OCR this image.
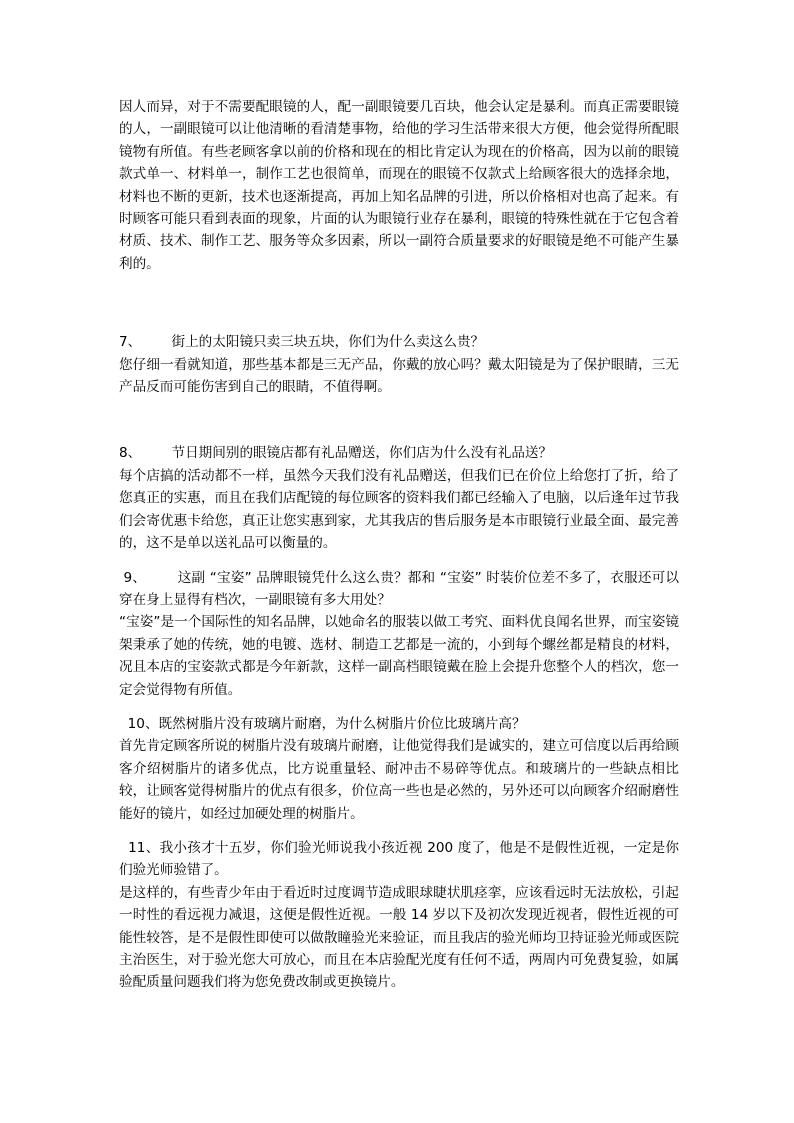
因人而异，对于不需要配眼镜的人，配一副眼镜要几百块，他会认定是暴利。而真正需要眼镜的人，一副眼镜可以让他清晰的看清楚事物，给他的学习生活带来很大方便，他会觉得所配眼镜物有所值。有些老顾客拿以前的价格和现在的相比肯定认为现在的价格高，因为以前的眼镜款式单一、材料单一，制作工艺也很简单，而现在的眼镜不仅款式上给顾客很大的选择余地，材料也不断的更新，技术也逐渐提高，再加上知名品牌的引进，所以价格相对也高了起来。有时顾客可能只看到表面的现象，片面的认为眼镜行业存在暴利，眼镜的特殊性就在于它包含着材质、技术、制作工艺、服务等众多因素，所以一副符合质量要求的好眼镜是绝不可能产生暴利的。

7、       街上的太阳镜只卖三块五块，你们为什么卖这么贵？

您仔细一看就知道，那些基本都是三无产品，你戴的放心吗？戴太阳镜是为了保护眼睛，三无产品反而可能伤害到自己的眼睛，不值得啊。

8、       节日期间别的眼镜店都有礼品赠送，你们店为什么没有礼品送？

每个店搞的活动都不一样，虽然今天我们没有礼品赠送，但我们已在价位上给您打了折，给了您真正的实惠，而且在我们店配镜的每位顾客的资料我们都已经输入了电脑，以后逢年过节我们会寄优惠卡给您，真正让您实惠到家，尤其我店的售后服务是本市眼镜行业最全面、最完善的，这不是单以送礼品可以衡量的。

9、       这副 “宝姿” 品牌眼镜凭什么这么贵？都和 “宝姿” 时装价位差不多了，衣服还可以穿在身上显得有档次，一副眼镜有多大用处？

“宝姿”是一个国际性的知名品牌，以她命名的服装以做工考究、面料优良闻名世界，而宝姿镜架秉承了她的传统，她的电镀、选材、制造工艺都是一流的，小到每个螺丝都是精良的材料，况且本店的宝姿款式都是今年新款，这样一副高档眼镜戴在脸上会提升您整个人的档次，您一定会觉得物有所值。

10、既然树脂片没有玻璃片耐磨，为什么树脂片价位比玻璃片高？

首先肯定顾客所说的树脂片没有玻璃片耐磨，让他觉得我们是诚实的，建立可信度以后再给顾客介绍树脂片的诸多优点，比方说重量轻、耐冲击不易碎等优点。和玻璃片的一些缺点相比较，让顾客觉得树脂片的优点有很多，价位高一些也是必然的，另外还可以向顾客介绍耐磨性能好的镜片，如经过加硬处理的树脂片。

11、我小孩才十五岁，你们验光师说我小孩近视 200 度了，他是不是假性近视，一定是你们验光师验错了。

是这样的，有些青少年由于看近时过度调节造成眼球睫状肌痉挛，应该看远时无法放松，引起一时性的看远视力减退，这便是假性近视。一般 14 岁以下及初次发现近视者，假性近视的可能性较答，是不是假性即使可以做散瞳验光来验证，而且我店的验光师均卫持证验光师或医院主治医生，对于验光您大可放心，而且在本店验配光度有任何不适，两周内可免费复验，如属验配质量问题我们将为您免费改制或更换镜片。
